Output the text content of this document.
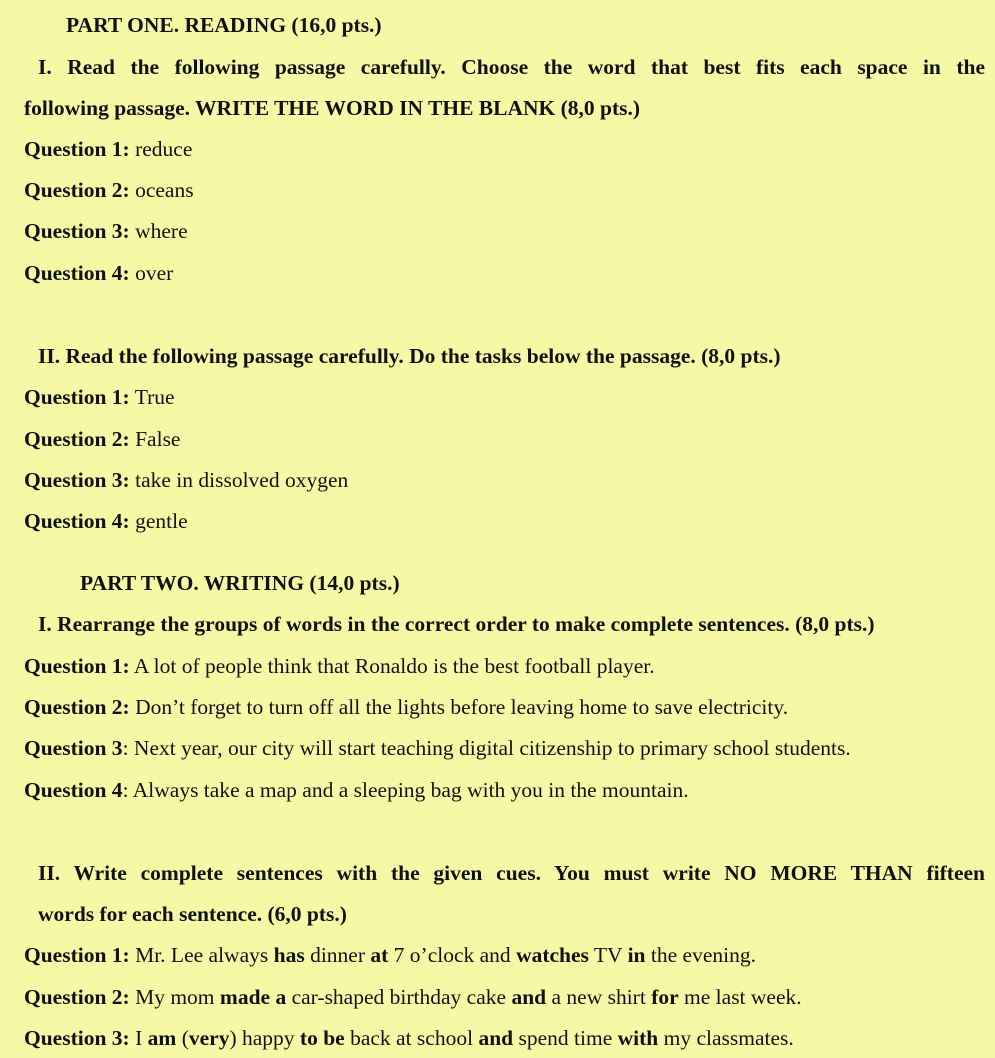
PART ONE. READING (16,0 pts.)
I. Read the following passage carefully. Choose the word that best fits each space in the
following passage. WRITE THE WORD IN THE BLANK (8,0 pts.)
Question 1: reduce
Question 2: oceans
Question 3: where
Question 4: over
II. Read the following passage carefully. Do the tasks below the passage. (8,0 pts.)
Question 1: True
Question 2: False
Question 3: take in dissolved oxygen
Question 4: gentle
PART TWO. WRITING (14,0 pts.)
I. Rearrange the groups of words in the correct order to make complete sentences. (8,0 pts.)
Question 1: A lot of people think that Ronaldo is the best football player.
Question 2: Don’t forget to turn off all the lights before leaving home to save electricity.
Question 3: Next year, our city will start teaching digital citizenship to primary school students.
Question 4: Always take a map and a sleeping bag with you in the mountain.
II. Write complete sentences with the given cues. You must write NO MORE THAN fifteen
words for each sentence. (6,0 pts.)
Question 1: Mr. Lee always has dinner at 7 o’clock and watches TV in the evening.
Question 2: My mom made a car-shaped birthday cake and a new shirt for me last week.
Question 3: I am (very) happy to be back at school and spend time with my classmates.
